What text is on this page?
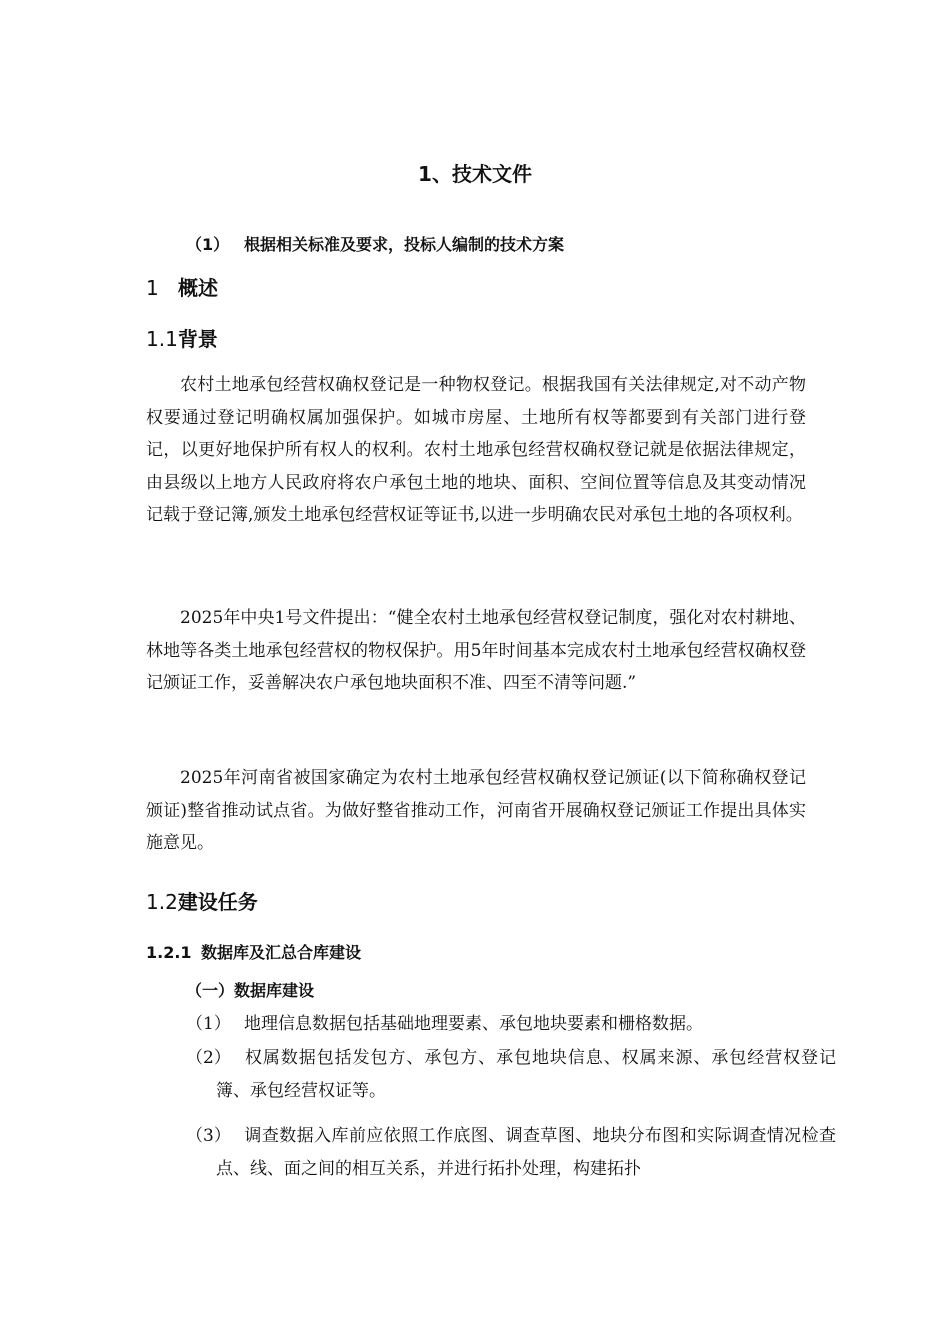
1、技术文件
（1） 根据相关标准及要求，投标人编制的技术方案
1 概述
1.1背景

农村土地承包经营权确权登记是一种物权登记。根据我国有关法律规定,对不动产物权要通过登记明确权属加强保护。如城市房屋、土地所有权等都要到有关部门进行登记，以更好地保护所有权人的权利。农村土地承包经营权确权登记就是依据法律规定，由县级以上地方人民政府将农户承包土地的地块、面积、空间位置等信息及其变动情况记载于登记簿,颁发土地承包经营权证等证书,以进一步明确农民对承包土地的各项权利。

2025年中央1号文件提出：“健全农村土地承包经营权登记制度，强化对农村耕地、林地等各类土地承包经营权的物权保护。用5年时间基本完成农村土地承包经营权确权登记颁证工作，妥善解决农户承包地块面积不准、四至不清等问题.”

2025年河南省被国家确定为农村土地承包经营权确权登记颁证(以下简称确权登记颁证)整省推动试点省。为做好整省推动工作，河南省开展确权登记颁证工作提出具体实施意见。

1.2建设任务
1.2.1 数据库及汇总合库建设
（一）数据库建设

（1） 地理信息数据包括基础地理要素、承包地块要素和栅格数据。

（2） 权属数据包括发包方、承包方、承包地块信息、权属来源、承包经营权登记簿、承包经营权证等。

（3） 调查数据入库前应依照工作底图、调查草图、地块分布图和实际调查情况检查点、线、面之间的相互关系，并进行拓扑处理，构建拓扑
